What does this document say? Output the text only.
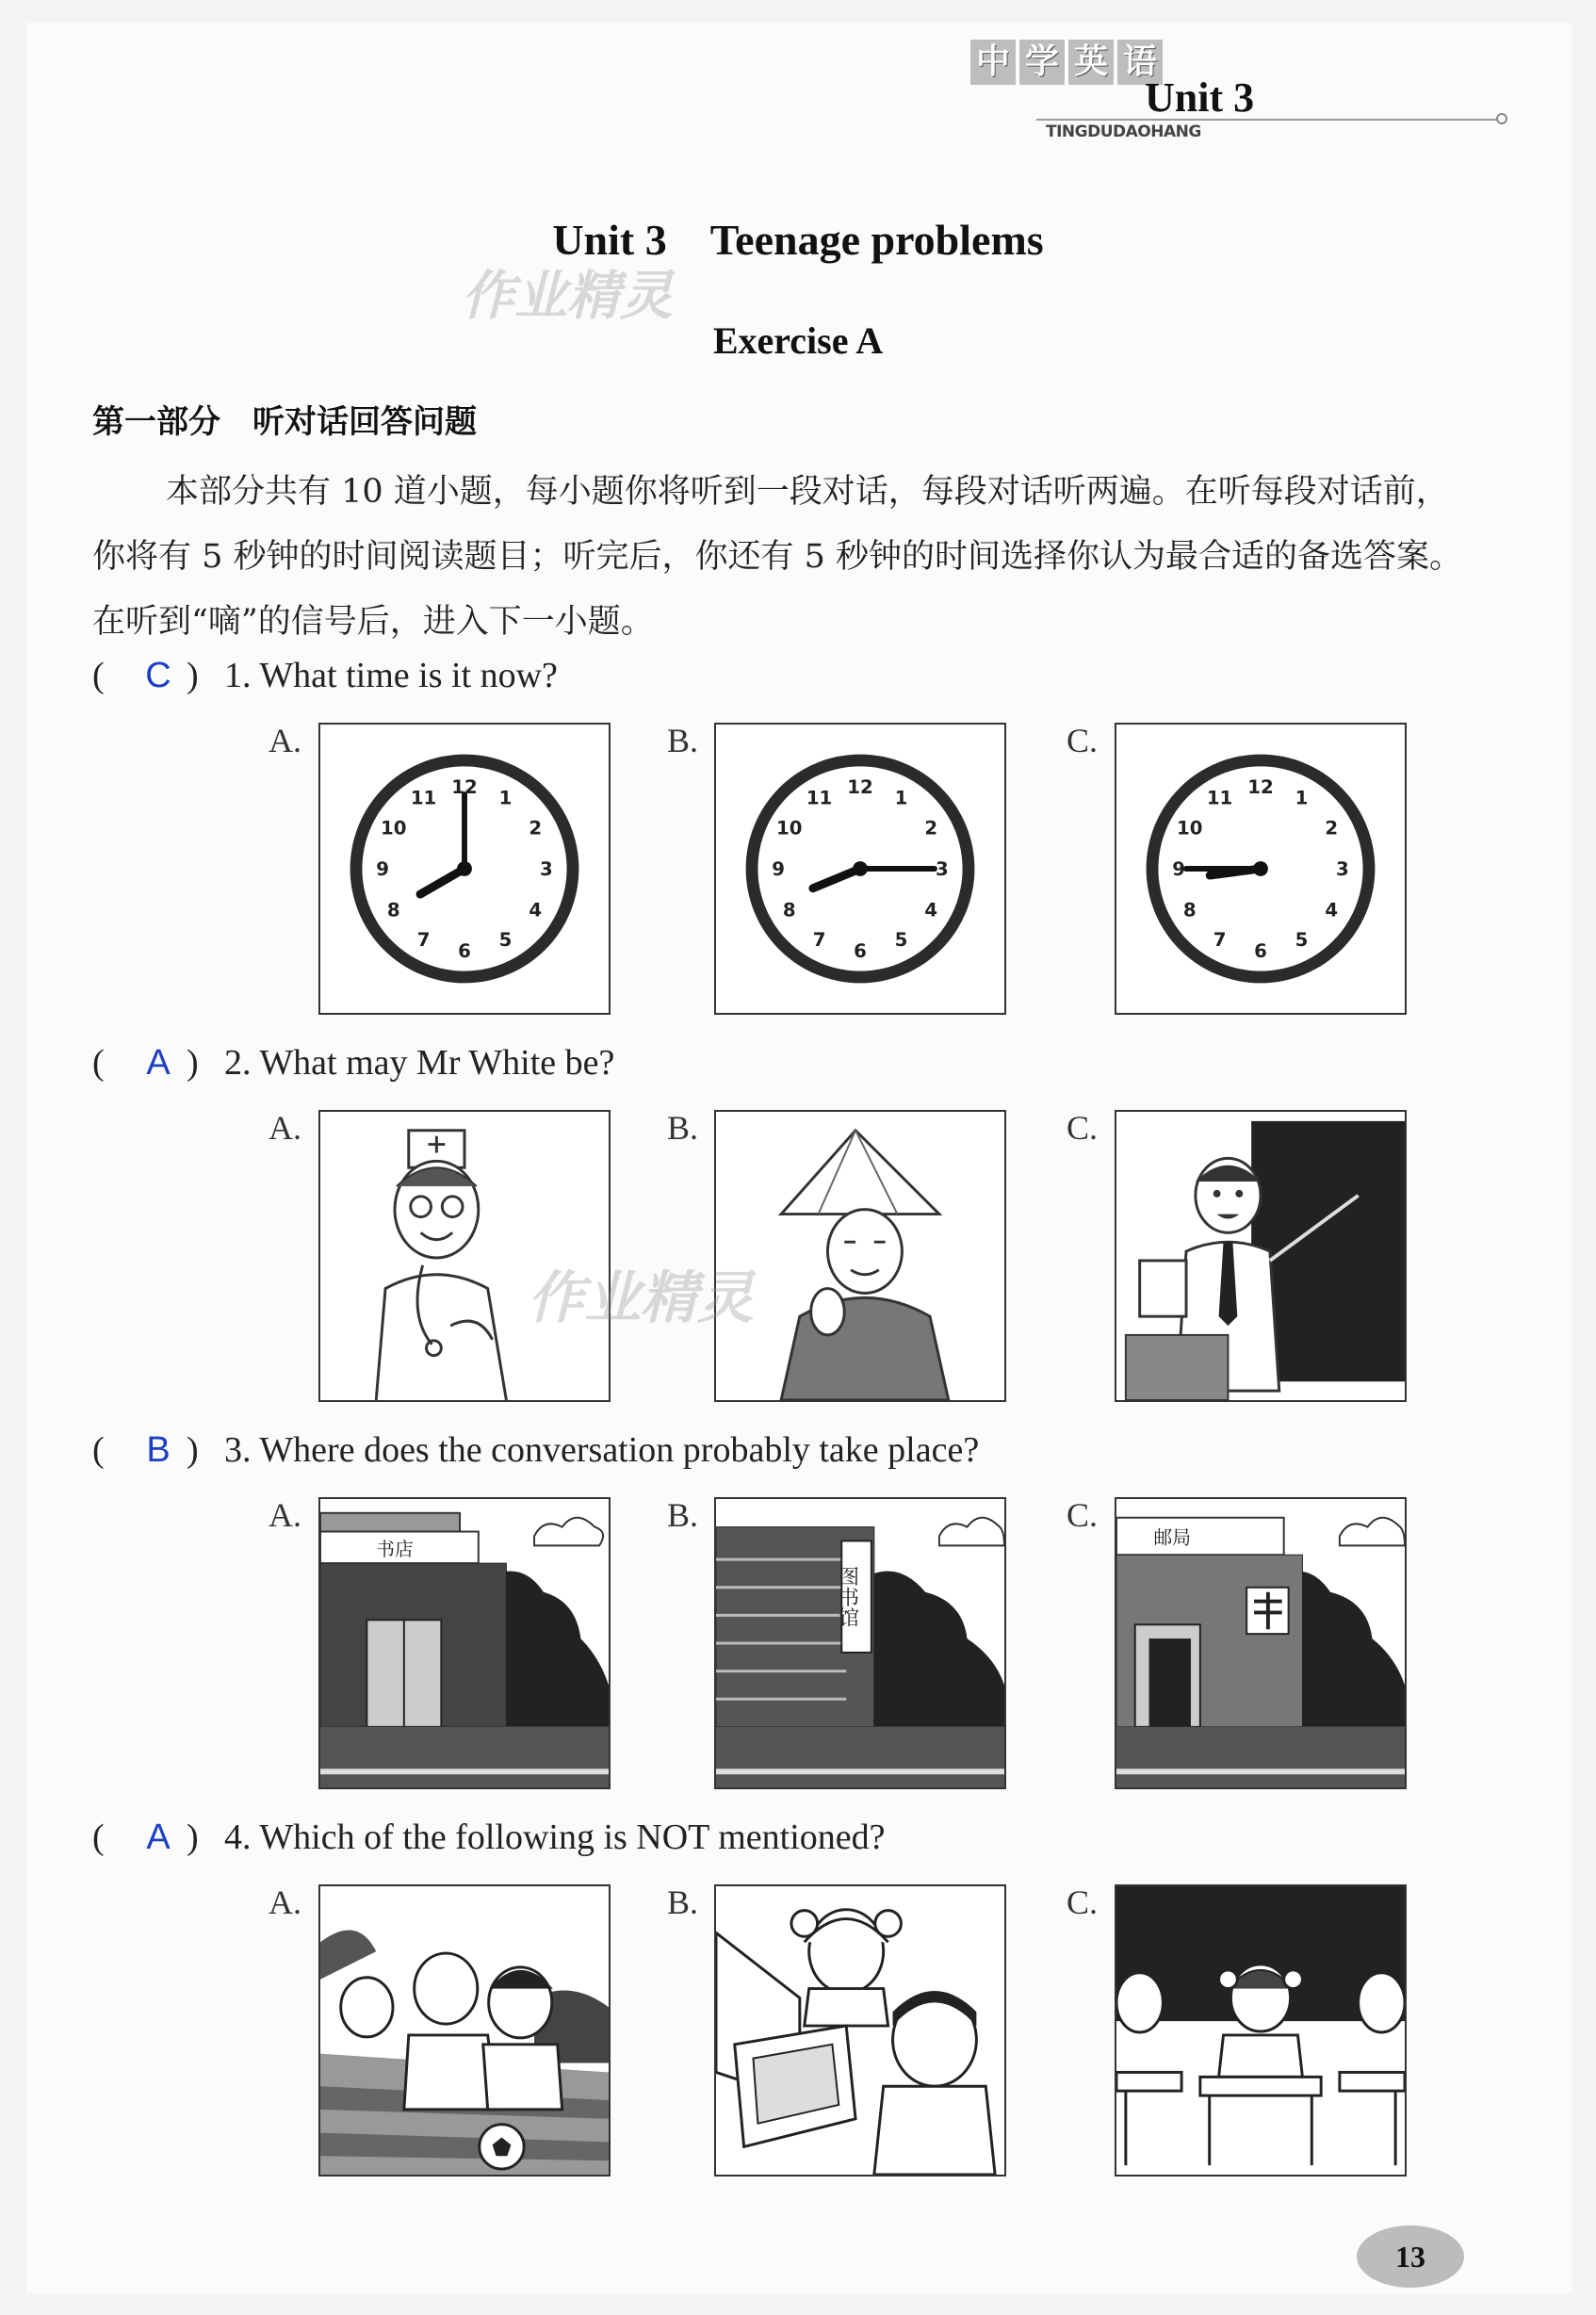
中 学 英 语
Unit 3
TINGDUDAOHANG
Unit 3　Teenage problems
作业精灵
Exercise A
第一部分　听对话回答问题
本部分共有 10 道小题，每小题你将听到一段对话，每段对话听两遍。在听每段对话前，你将有 5 秒钟的时间阅读题目；听完后，你还有 5 秒钟的时间选择你认为最合适的备选答案。在听到“嘀”的信号后，进入下一小题。
( C ) 1. What time is it now?
A.	B.	C.
1
2
3
4
5
6
7
8
9
10
11
12
1
2
3
4
5
6
7
8
9
10
11
12
1
2
3
4
5
6
7
8
9
10
11
12
( A ) 2. What may Mr White be?
A.	B.	C.
( B ) 3. Where does the conversation probably take place?
A.	B.	C.
书店
图书馆
邮局
( A ) 4. Which of the following is NOT mentioned?
A.	B.	C.
作业精灵
13
